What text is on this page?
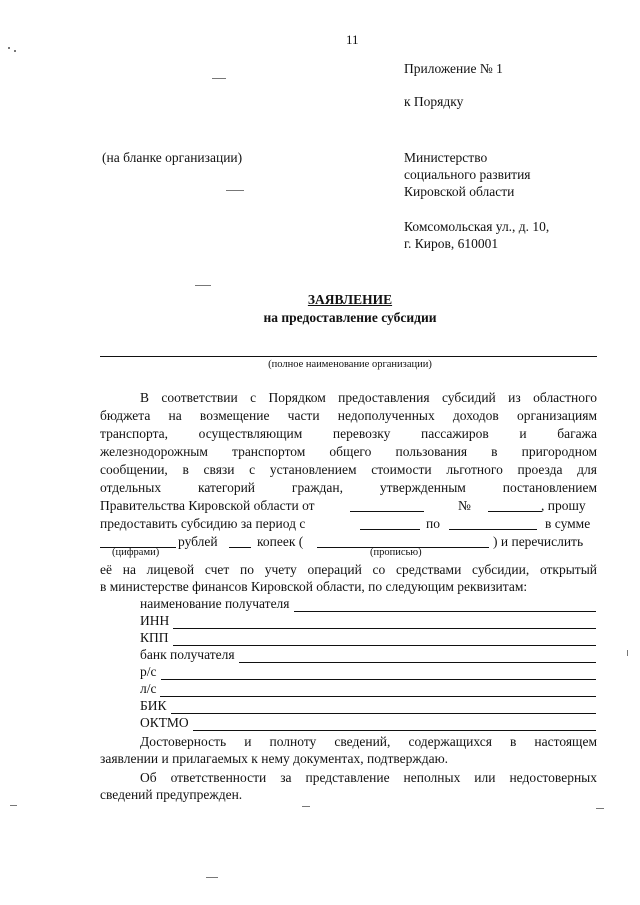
11
Приложение № 1
к Порядку
(на бланке организации)	Министерство
социального развития
Кировской области
Комсомольская ул., д. 10,
г. Киров, 610001
ЗАЯВЛЕНИЕ
на предоставление субсидии
(полное наименование организации)
В соответствии с Порядком предоставления субсидий из областного
бюджета на возмещение части недополученных доходов организациям
транспорта, осуществляющим перевозку пассажиров и багажа
железнодорожным транспортом общего пользования в пригородном
сообщении, в связи с установлением стоимости льготного проезда для
отдельных категорий граждан, утвержденным постановлением
Правительства Кировской области от	№	, прошу
предоставить субсидию за период с	по	в сумме
рублей	копеек (	) и перечислить
(цифрами)	(прописью)
её на лицевой счет по учету операций со средствами субсидии, открытый
в министерстве финансов Кировской области, по следующим реквизитам:
наименование получателя
ИНН
КПП
банк получателя
р/с
л/с
БИК
ОКТМО
Достоверность и полноту сведений, содержащихся в настоящем
заявлении и прилагаемых к нему документах, подтверждаю.
Об ответственности за представление неполных или недостоверных
сведений предупрежден.
